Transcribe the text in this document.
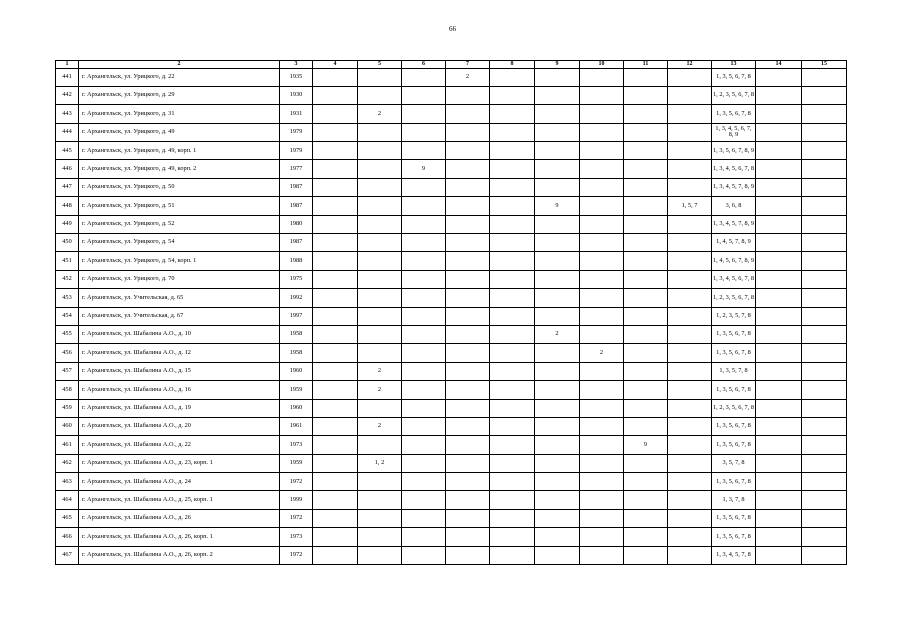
66
1	2	3	4	5	6	7	8	9	10	11	12	13	14	15
441	г. Архангельск, ул. Урицкого, д. 22	1935				2						1, 3, 5, 6, 7, 8		
442	г. Архангельск, ул. Урицкого, д. 29	1930										1, 2, 3, 5, 6, 7, 8		
443	г. Архангельск, ул. Урицкого, д. 31	1931		2								1, 3, 5, 6, 7, 8		
444	г. Архангельск, ул. Урицкого, д. 49	1979										1, 3, 4, 5, 6, 7, 8, 9		
445	г. Архангельск, ул. Урицкого, д. 49, корп. 1	1979										1, 3, 5, 6, 7, 8, 9		
446	г. Архангельск, ул. Урицкого, д. 49, корп. 2	1977			9							1, 3, 4, 5, 6, 7, 8		
447	г. Архангельск, ул. Урицкого, д. 50	1987										1, 3, 4, 5, 7, 8, 9		
448	г. Архангельск, ул. Урицкого, д. 51	1987						9			1, 5, 7	3, 6, 8		
449	г. Архангельск, ул. Урицкого, д. 52	1980										1, 3, 4, 5, 7, 8, 9		
450	г. Архангельск, ул. Урицкого, д. 54	1987										1, 4, 5, 7, 8, 9		
451	г. Архангельск, ул. Урицкого, д. 54, корп. 1	1988										1, 4, 5, 6, 7, 8, 9		
452	г. Архангельск, ул. Урицкого, д. 70	1975										1, 3, 4, 5, 6, 7, 8		
453	г. Архангельск, ул. Учительская, д. 65	1992										1, 2, 3, 5, 6, 7, 8		
454	г. Архангельск, ул. Учительская, д. 67	1997										1, 2, 3, 5, 7, 8		
455	г. Архангельск, ул. Шабалина А.О., д. 10	1958						2				1, 3, 5, 6, 7, 8		
456	г. Архангельск, ул. Шабалина А.О., д. 12	1958							2			1, 3, 5, 6, 7, 8		
457	г. Архангельск, ул. Шабалина А.О., д. 15	1960		2								1, 3, 5, 7, 8		
458	г. Архангельск, ул. Шабалина А.О., д. 16	1959		2								1, 3, 5, 6, 7, 8		
459	г. Архангельск, ул. Шабалина А.О., д. 19	1960										1, 2, 3, 5, 6, 7, 8		
460	г. Архангельск, ул. Шабалина А.О., д. 20	1961		2								1, 3, 5, 6, 7, 8		
461	г. Архангельск, ул. Шабалина А.О., д. 22	1973								9		1, 3, 5, 6, 7, 8		
462	г. Архангельск, ул. Шабалина А.О., д. 23, корп. 1	1959		1, 2								3, 5, 7, 8		
463	г. Архангельск, ул. Шабалина А.О., д. 24	1972										1, 3, 5, 6, 7, 8		
464	г. Архангельск, ул. Шабалина А.О., д. 25, корп. 1	1999										1, 3, 7, 8		
465	г. Архангельск, ул. Шабалина А.О., д. 26	1972										1, 3, 5, 6, 7, 8		
466	г. Архангельск, ул. Шабалина А.О., д. 26, корп. 1	1973										1, 3, 5, 6, 7, 8		
467	г. Архангельск, ул. Шабалина А.О., д. 26, корп. 2	1972										1, 3, 4, 5, 7, 8		
